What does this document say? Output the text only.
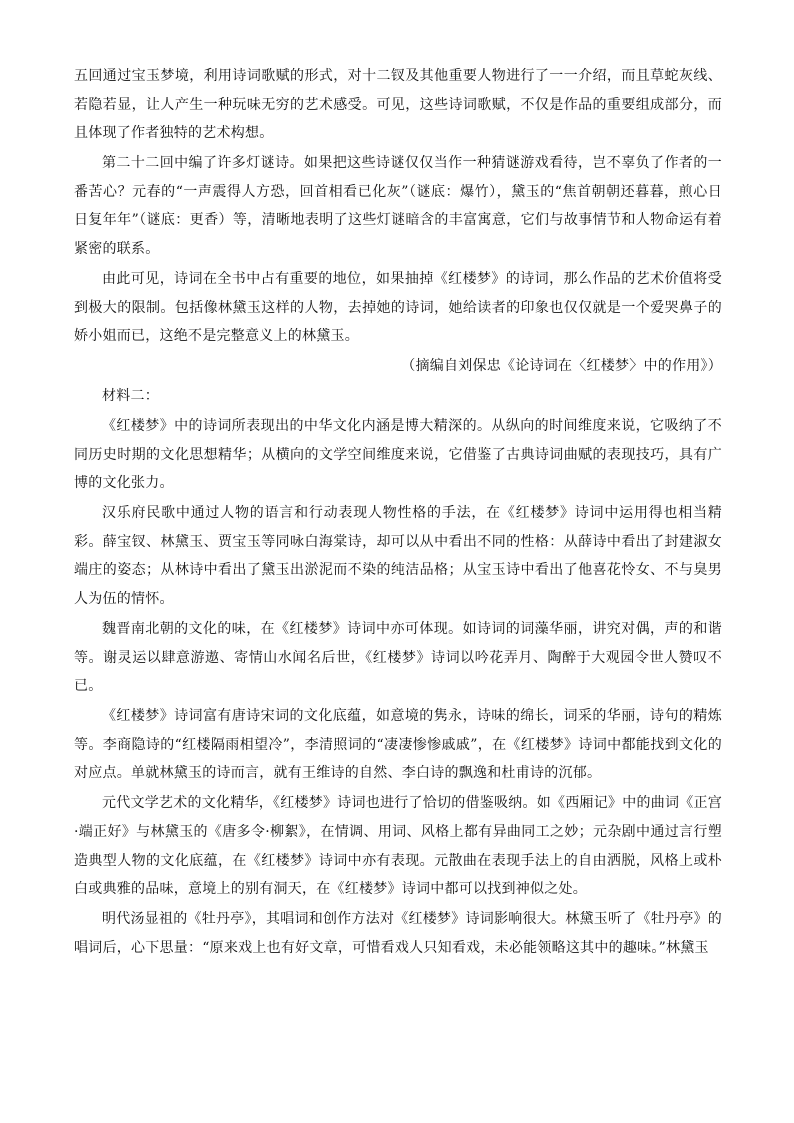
五回通过宝玉梦境，利用诗词歌赋的形式，对十二钗及其他重要人物进行了一一介绍，而且草蛇灰线、若隐若显，让人产生一种玩味无穷的艺术感受。可见，这些诗词歌赋，不仅是作品的重要组成部分，而且体现了作者独特的艺术构想。

第二十二回中编了许多灯谜诗。如果把这些诗谜仅仅当作一种猜谜游戏看待，岂不辜负了作者的一番苦心？元春的“一声震得人方恐，回首相看已化灰”（谜底：爆竹），黛玉的“焦首朝朝还暮暮，煎心日日复年年”（谜底：更香）等，清晰地表明了这些灯谜暗含的丰富寓意，它们与故事情节和人物命运有着紧密的联系。

由此可见，诗词在全书中占有重要的地位，如果抽掉《红楼梦》的诗词，那么作品的艺术价值将受到极大的限制。包括像林黛玉这样的人物，去掉她的诗词，她给读者的印象也仅仅就是一个爱哭鼻子的娇小姐而已，这绝不是完整意义上的林黛玉。

（摘编自刘保忠《论诗词在〈红楼梦〉中的作用》）

材料二：

《红楼梦》中的诗词所表现出的中华文化内涵是博大精深的。从纵向的时间维度来说，它吸纳了不同历史时期的文化思想精华；从横向的文学空间维度来说，它借鉴了古典诗词曲赋的表现技巧，具有广博的文化张力。

汉乐府民歌中通过人物的语言和行动表现人物性格的手法，在《红楼梦》诗词中运用得也相当精彩。薛宝钗、林黛玉、贾宝玉等同咏白海棠诗，却可以从中看出不同的性格：从薛诗中看出了封建淑女端庄的姿态；从林诗中看出了黛玉出淤泥而不染的纯洁品格；从宝玉诗中看出了他喜花怜女、不与臭男人为伍的情怀。

魏晋南北朝的文化的味，在《红楼梦》诗词中亦可体现。如诗词的词藻华丽，讲究对偶，声的和谐等。谢灵运以肆意游遨、寄情山水闻名后世，《红楼梦》诗词以吟花弄月、陶醉于大观园令世人赞叹不已。

《红楼梦》诗词富有唐诗宋词的文化底蕴，如意境的隽永，诗味的绵长，词采的华丽，诗句的精炼等。李商隐诗的“红楼隔雨相望冷”，李清照词的“凄凄惨惨戚戚”，在《红楼梦》诗词中都能找到文化的对应点。单就林黛玉的诗而言，就有王维诗的自然、李白诗的飘逸和杜甫诗的沉郁。

元代文学艺术的文化精华，《红楼梦》诗词也进行了恰切的借鉴吸纳。如《西厢记》中的曲词《正宫·端正好》与林黛玉的《唐多令·柳絮》，在情调、用词、风格上都有异曲同工之妙；元杂剧中通过言行塑造典型人物的文化底蕴，在《红楼梦》诗词中亦有表现。元散曲在表现手法上的自由洒脱，风格上或朴白或典雅的品味，意境上的别有洞天，在《红楼梦》诗词中都可以找到神似之处。

明代汤显祖的《牡丹亭》，其唱词和创作方法对《红楼梦》诗词影响很大。林黛玉听了《牡丹亭》的唱词后，心下思量：“原来戏上也有好文章，可惜看戏人只知看戏，未必能领略这其中的趣味。”林黛玉
